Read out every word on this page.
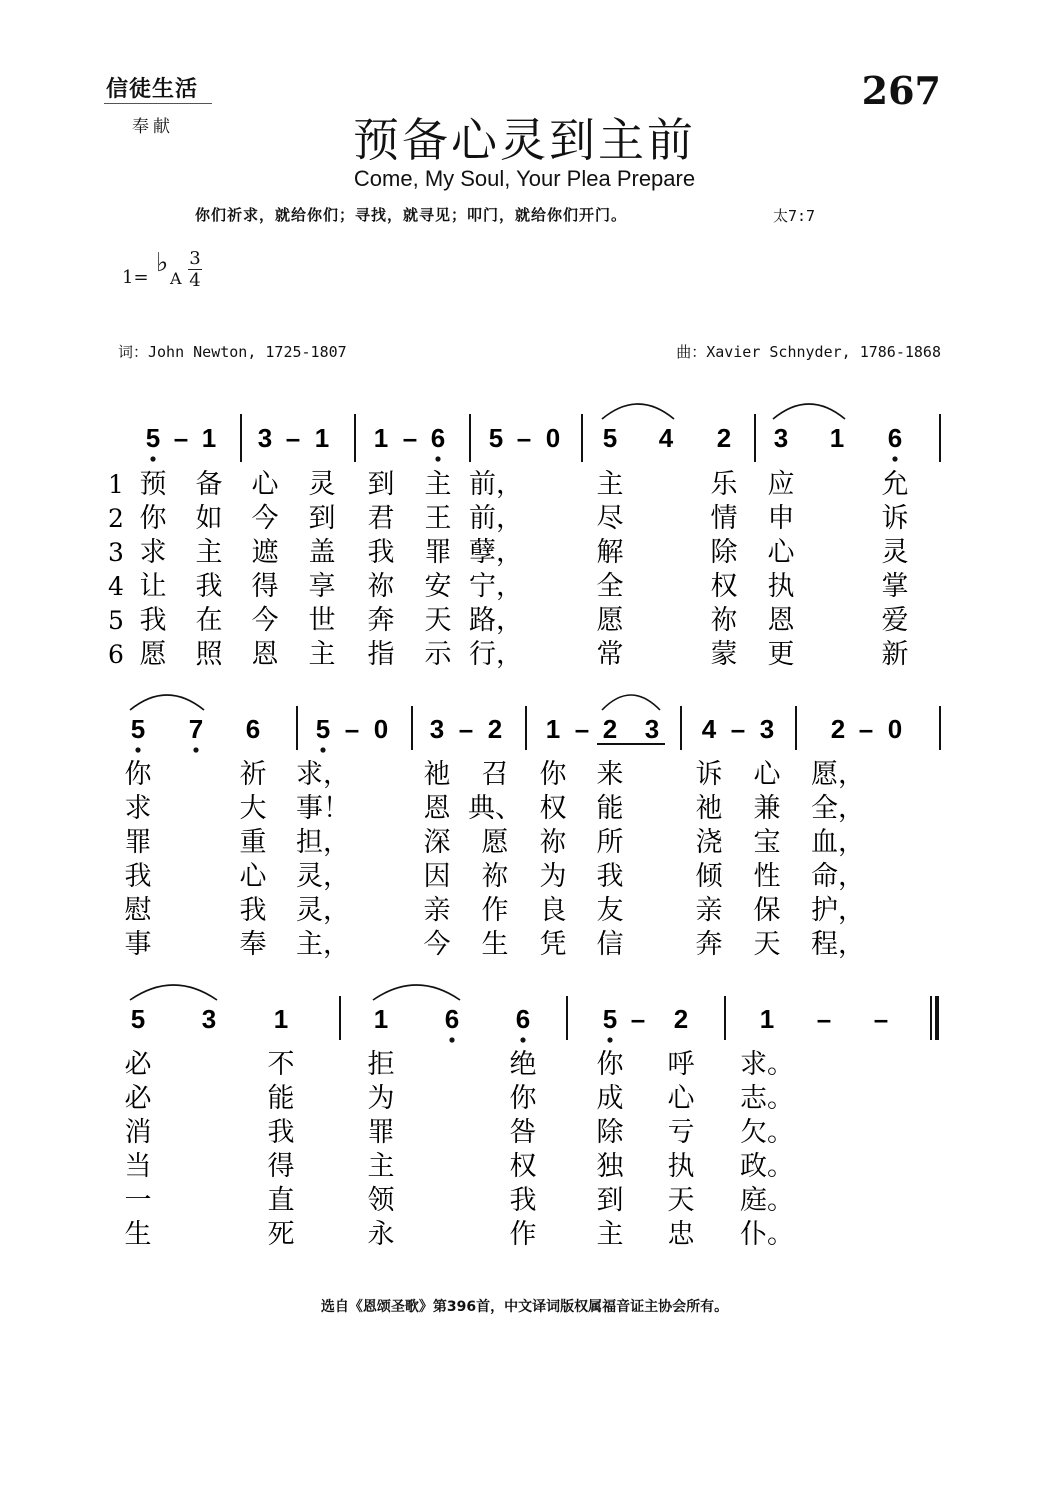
信徒生活
奉献
267
预备心灵到主前
Come, My Soul, Your Plea Prepare
你们祈求，就给你们；寻找，就寻见；叩门，就给你们开门。	太7:7
1= ♭
A
3
4
词：John Newton, 1725-1807	曲：Xavier Schnyder, 1786-1868
1
2
3
4
5
6
5 – 1 3 – 1 1 – 6 5 – 0 5 4 2 3 1 6
预 备 心 灵 到 主 前，	主	乐 应	允
你 如 今 到 君 王 前，	尽	情 申	诉
求 主 遮 盖 我 罪 孽，	解	除 心	灵
让 我 得 享 祢 安 宁，	全	权 执	掌
我 在 今 世 奔 天 路，	愿	祢 恩	爱
愿 照 恩 主 指 示 行，	常	蒙 更	新
5 7 6 5 – 0 3 – 2 1 – 2 3 4 – 3 2 – 0
你	祈 求，	祂 召 你 来	诉 心 愿，
求	大 事！	恩 典、 权 能	祂 兼 全，
罪	重 担，	深 愿 祢 所	浇 宝 血，
我	心 灵，	因 祢 为 我	倾 性 命，
慰	我 灵，	亲 作 良 友	亲 保 护，
事	奉 主，	今 生 凭 信	奔 天 程，
5 3 1	1 6 6	5 – 2	1 – –
必	不	拒	绝 你 呼 求。
必	能	为	你 成 心 志。
消	我	罪	咎 除 亏 欠。
当	得	主	权 独 执 政。
一	直	领	我 到 天 庭。
生	死	永	作 主 忠 仆。
选自《恩颂圣歌》第396首，中文译词版权属福音证主协会所有。
